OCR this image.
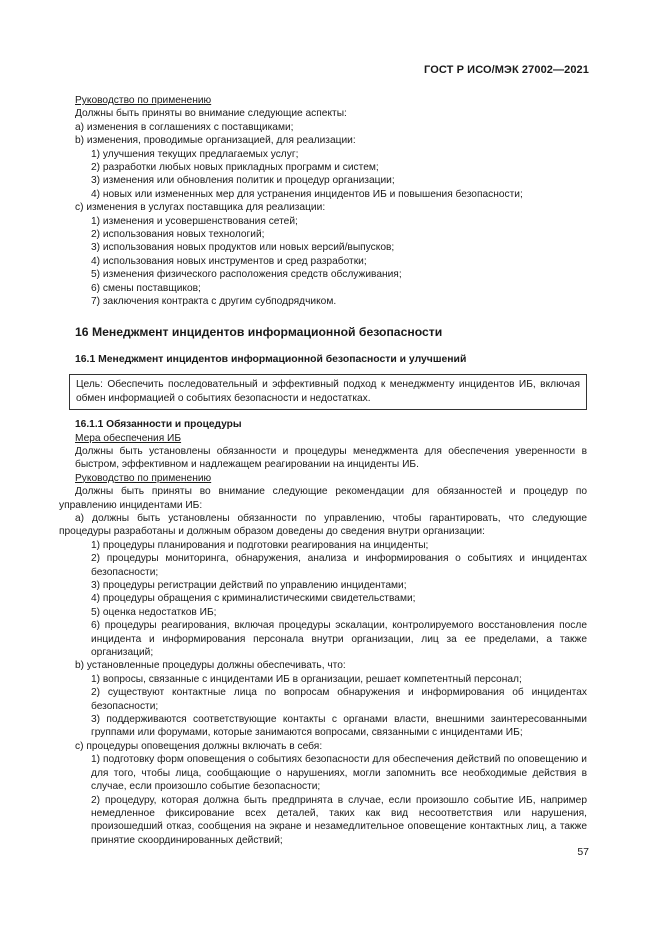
ГОСТ Р ИСО/МЭК 27002—2021
Руководство по применению
Должны быть приняты во внимание следующие аспекты:
а) изменения в соглашениях с поставщиками;
b) изменения, проводимые организацией, для реализации:
1) улучшения текущих предлагаемых услуг;
2) разработки любых новых прикладных программ и систем;
3) изменения или обновления политик и процедур организации;
4) новых или измененных мер для устранения инцидентов ИБ и повышения безопасности;
с) изменения в услугах поставщика для реализации:
1) изменения и усовершенствования сетей;
2) использования новых технологий;
3) использования новых продуктов или новых версий/выпусков;
4) использования новых инструментов и сред разработки;
5) изменения физического расположения средств обслуживания;
6) смены поставщиков;
7) заключения контракта с другим субподрядчиком.
16 Менеджмент инцидентов информационной безопасности
16.1 Менеджмент инцидентов информационной безопасности и улучшений
Цель: Обеспечить последовательный и эффективный подход к менеджменту инцидентов ИБ, включая обмен информацией о событиях безопасности и недостатках.
16.1.1 Обязанности и процедуры
Мера обеспечения ИБ
Должны быть установлены обязанности и процедуры менеджмента для обеспечения уверенности в быстром, эффективном и надлежащем реагировании на инциденты ИБ.
Руководство по применению
Должны быть приняты во внимание следующие рекомендации для обязанностей и процедур по управлению инцидентами ИБ:
а) должны быть установлены обязанности по управлению, чтобы гарантировать, что следующие процедуры разработаны и должным образом доведены до сведения внутри организации:
1) процедуры планирования и подготовки реагирования на инциденты;
2) процедуры мониторинга, обнаружения, анализа и информирования о событиях и инцидентах безопасности;
3) процедуры регистрации действий по управлению инцидентами;
4) процедуры обращения с криминалистическими свидетельствами;
5) оценка недостатков ИБ;
6) процедуры реагирования, включая процедуры эскалации, контролируемого восстановления после инцидента и информирования персонала внутри организации, лиц за ее пределами, а также организаций;
b) установленные процедуры должны обеспечивать, что:
1) вопросы, связанные с инцидентами ИБ в организации, решает компетентный персонал;
2) существуют контактные лица по вопросам обнаружения и информирования об инцидентах безопасности;
3) поддерживаются соответствующие контакты с органами власти, внешними заинтересованными группами или форумами, которые занимаются вопросами, связанными с инцидентами ИБ;
с) процедуры оповещения должны включать в себя:
1) подготовку форм оповещения о событиях безопасности для обеспечения действий по оповещению и для того, чтобы лица, сообщающие о нарушениях, могли запомнить все необходимые действия в случае, если произошло событие безопасности;
2) процедуру, которая должна быть предпринята в случае, если произошло событие ИБ, например немедленное фиксирование всех деталей, таких как вид несоответствия или нарушения, произошедший отказ, сообщения на экране и незамедлительное оповещение контактных лиц, а также принятие скоординированных действий;
57
